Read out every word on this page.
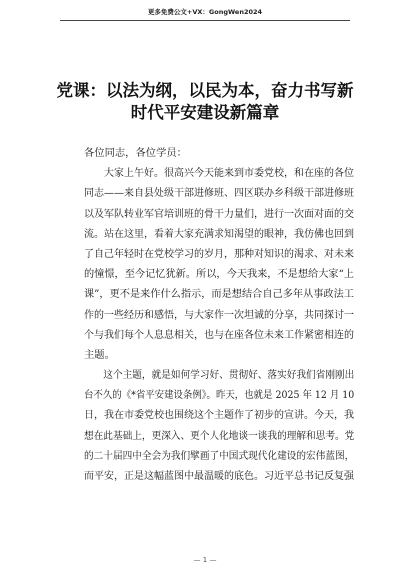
更多免费公文+VX：GongWen2024
党课：以法为纲，以民为本，奋力书写新
时代平安建设新篇章
各位同志，各位学员：
　　大家上午好。很高兴今天能来到市委党校，和在座的各位
同志——来自县处级干部进修班、四区联办乡科级干部进修班
以及军队转业军官培训班的骨干力量们，进行一次面对面的交
流。站在这里，看着大家充满求知渴望的眼神，我仿佛也回到
了自己年轻时在党校学习的岁月，那种对知识的渴求、对未来
的憧憬，至今记忆犹新。所以，今天我来，不是想给大家“上
课”，更不是来作什么指示，而是想结合自己多年从事政法工
作的一些经历和感悟，与大家作一次坦诚的分享，共同探讨一
个与我们每个人息息相关，也与在座各位未来工作紧密相连的
主题。
　　这个主题，就是如何学习好、贯彻好、落实好我们省刚刚出
台不久的《*省平安建设条例》。昨天，也就是 2025 年 12 月 10
日，我在市委党校也围绕这个主题作了初步的宣讲。今天，我
想在此基础上，更深入、更个人化地谈一谈我的理解和思考。党
的二十届四中全会为我们擘画了中国式现代化建设的宏伟蓝图，
而平安，正是这幅蓝图中最温暖的底色。习近平总书记反复强
— 1 —
